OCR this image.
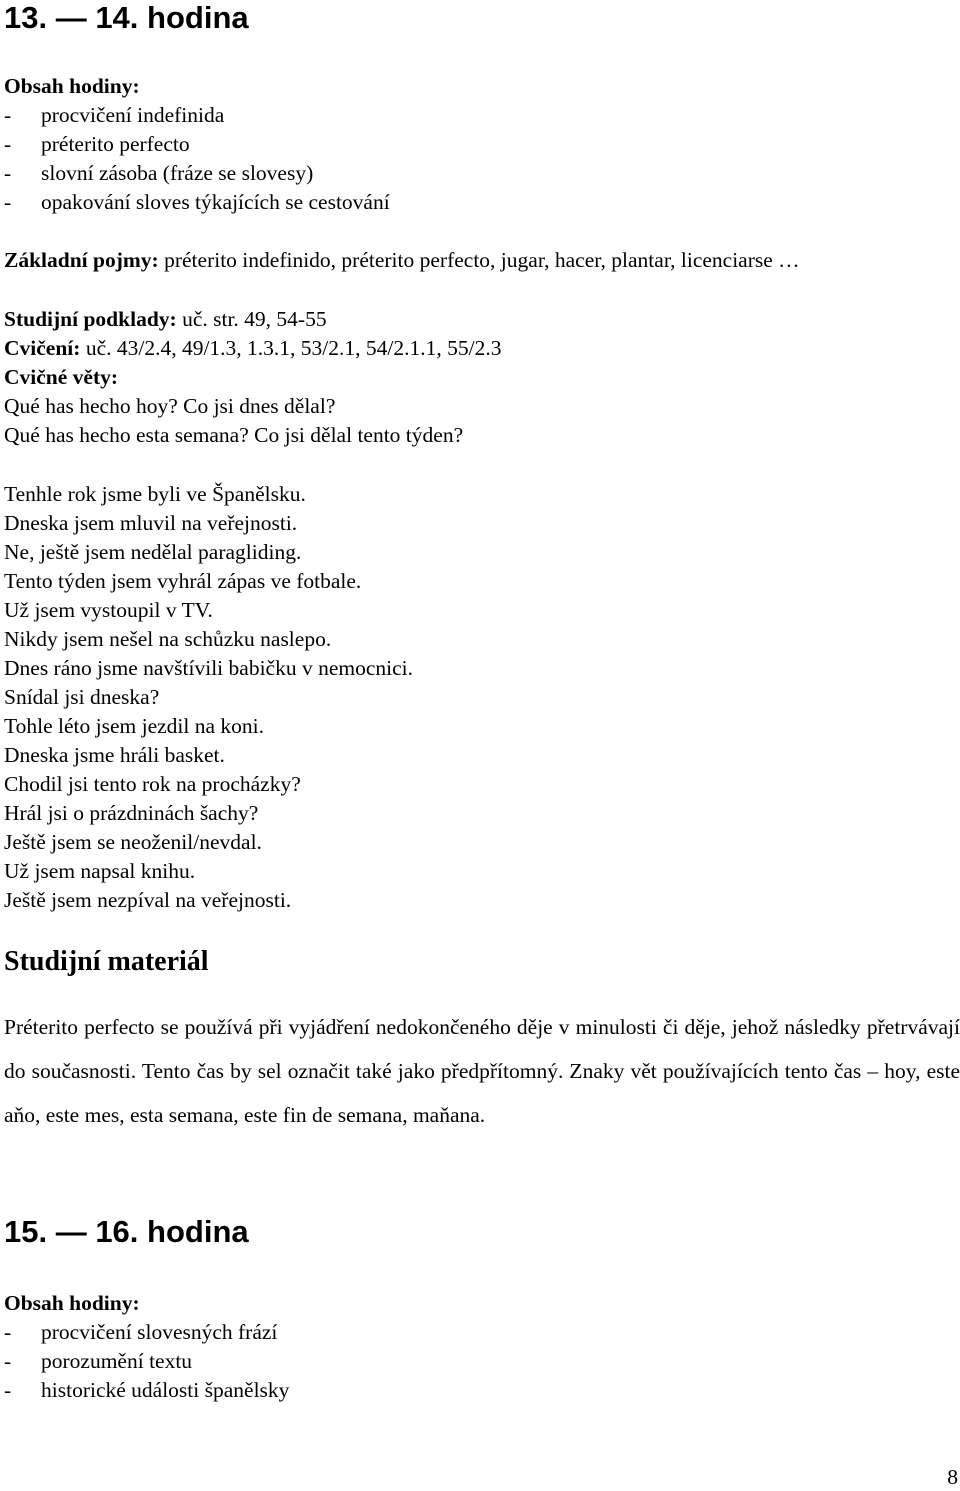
13. — 14. hodina
Obsah hodiny:
- procvičení indefinida
- préterito perfecto
- slovní zásoba (fráze se slovesy)
- opakování sloves týkajících se cestování
Základní pojmy: préterito indefinido, préterito perfecto, jugar, hacer, plantar, licenciarse …
Studijní podklady: uč. str. 49, 54-55
Cvičení: uč. 43/2.4, 49/1.3, 1.3.1, 53/2.1, 54/2.1.1, 55/2.3
Cvičné věty:
Qué has hecho hoy? Co jsi dnes dělal?
Qué has hecho esta semana? Co jsi dělal tento týden?
Tenhle rok jsme byli ve Španělsku.
Dneska jsem mluvil na veřejnosti.
Ne, ještě jsem nedělal paragliding.
Tento týden jsem vyhrál zápas ve fotbale.
Už jsem vystoupil v TV.
Nikdy jsem nešel na schůzku naslepo.
Dnes ráno jsme navštívili babičku v nemocnici.
Snídal jsi dneska?
Tohle léto jsem jezdil na koni.
Dneska jsme hráli basket.
Chodil jsi tento rok na procházky?
Hrál jsi o prázdninách šachy?
Ještě jsem se neoženil/nevdal.
Už jsem napsal knihu.
Ještě jsem nezpíval na veřejnosti.
Studijní materiál
Préterito perfecto se používá při vyjádření nedokončeného děje v minulosti či děje, jehož následky přetrvávají do současnosti. Tento čas by sel označit také jako předpřítomný. Znaky vět používajících tento čas – hoy, este aňo, este mes, esta semana, este fin de semana, maňana.
15. — 16. hodina
Obsah hodiny:
- procvičení slovesných frází
- porozumění textu
- historické události španělsky
8
